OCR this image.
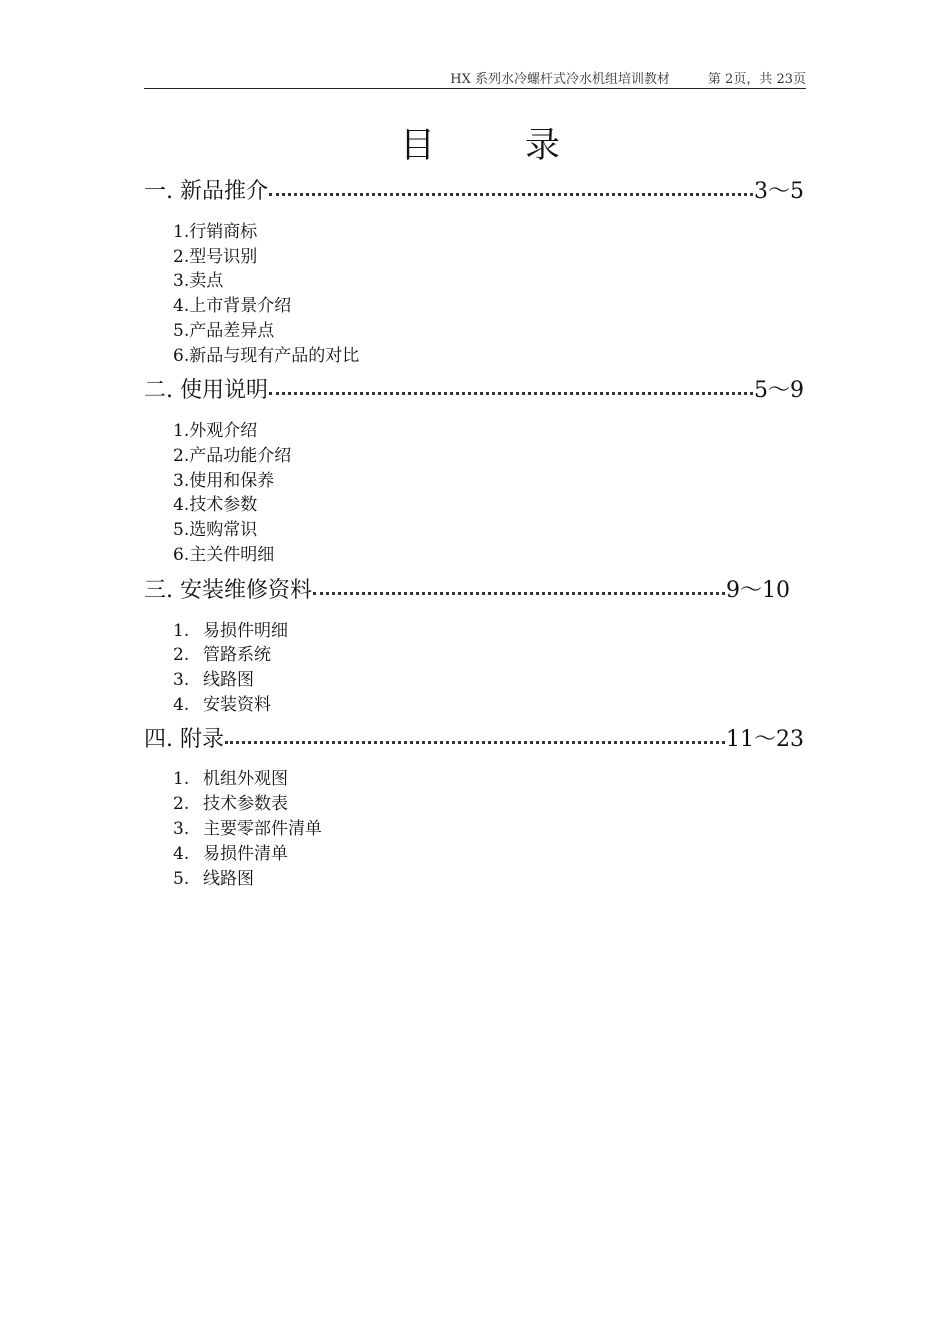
HX 系列水冷螺杆式冷水机组培训教材	第 2页，共 23页
目	录
一. 新品推介	3～5
1.行销商标
2.型号识别
3.卖点
4.上市背景介绍
5.产品差异点
6.新品与现有产品的对比
二. 使用说明	5～9
1.外观介绍
2.产品功能介绍
3.使用和保养
4.技术参数
5.选购常识
6.主关件明细
三. 安装维修资料	9～10
1. 易损件明细
2. 管路系统
3. 线路图
4. 安装资料
四. 附录	11～23
1. 机组外观图
2. 技术参数表
3. 主要零部件清单
4. 易损件清单
5. 线路图
